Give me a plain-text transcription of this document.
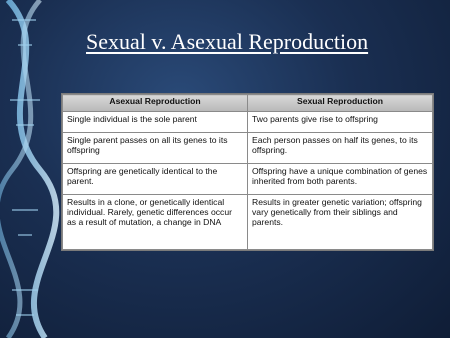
Sexual v. Asexual Reproduction
Asexual Reproduction	Sexual Reproduction
Single individual is the sole parent	Two parents give rise to offspring
Single parent passes on all its genes to its offspring	Each person passes on half its genes, to its offspring.
Offspring are genetically identical to the parent.	Offspring have a unique combination of genes inherited from both parents.
Results in a clone, or genetically identical individual. Rarely, genetic differences occur as a result of mutation, a change in DNA	Results in greater genetic variation; offspring vary genetically from their siblings and parents.
